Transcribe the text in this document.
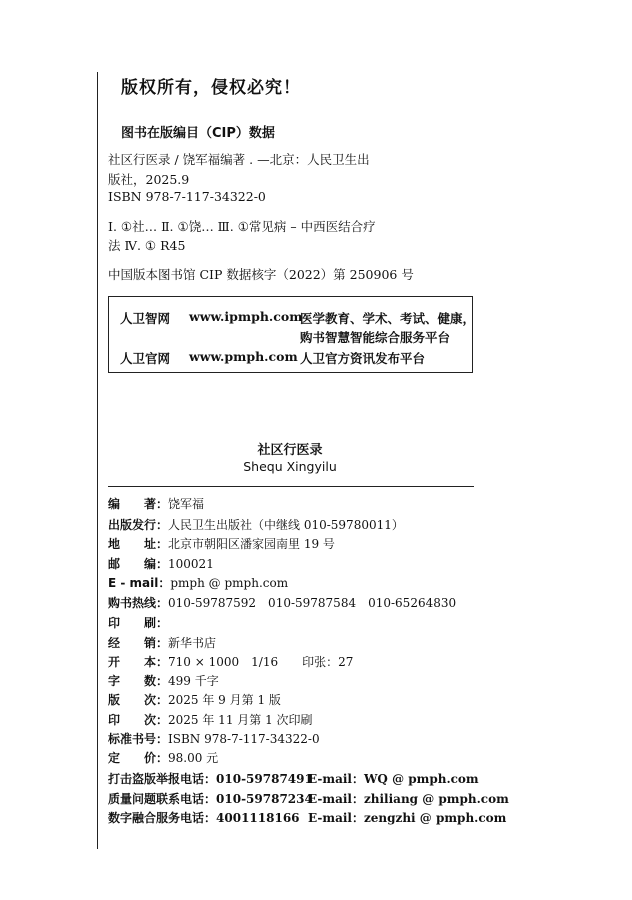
版权所有，侵权必究！
图书在版编目（CIP）数据
社区行医录 / 饶军福编著 . —北京：人民卫生出
版社，2025.9
ISBN 978-7-117-34322-0
Ⅰ. ①社… Ⅱ. ①饶… Ⅲ. ①常见病 – 中西医结合疗
法 Ⅳ. ① R45
中国版本图书馆 CIP 数据核字（2022）第 250906 号
人卫智网 www.ipmph.com
医学教育、学术、考试、健康，
购书智慧智能综合服务平台
人卫官网 www.pmph.com 人卫官方资讯发布平台
社区行医录
Shequ Xingyilu
编　　著：饶军福
出版发行：人民卫生出版社（中继线 010-59780011）
地　　址：北京市朝阳区潘家园南里 19 号
邮　　编：100021
E - mail：pmph @ pmph.com
购书热线：010-59787592　010-59787584　010-65264830
印　　刷：
经　　销：新华书店
开　　本：710 × 1000　1/16　　印张：27
字　　数：499 千字
版　　次：2025 年 9 月第 1 版
印　　次：2025 年 11 月第 1 次印刷
标准书号：ISBN 978-7-117-34322-0
定　　价：98.00 元
打击盗版举报电话：010-59787491E-mail：WQ @ pmph.com
质量问题联系电话：010-59787234E-mail：zhiliang @ pmph.com
数字融合服务电话：4001118166 E-mail：zengzhi @ pmph.com
